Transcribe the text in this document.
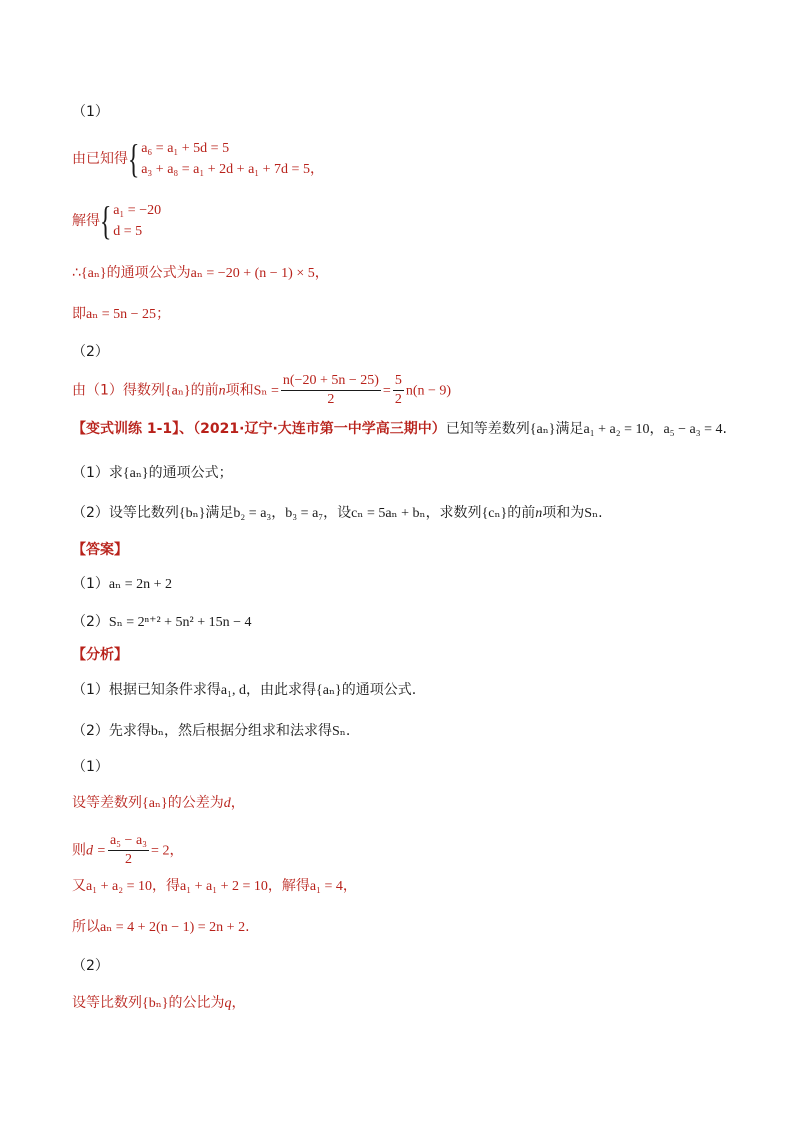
（1）
由已知得 { a₆ = a₁ + 5d = 5
a₃ + a₈ = a₁ + 2d + a₁ + 7d = 5，
解得 { a₁ = −20
d = 5
∴{aₙ}的通项公式为aₙ = −20 + (n − 1) × 5，
即aₙ = 5n − 25；
（2）
由（1）得数列{aₙ}的前n项和$S_n = \frac{n(-20 + 5n - 25)}{2} = \frac{5}{2} n(n - 9)$
【变式训练 1-1】、（2021·辽宁·大连市第一中学高三期中）已知等差数列{aₙ}满足a₁ + a₂ = 10，a₅ − a₃ = 4.
（1）求{aₙ}的通项公式；
（2）设等比数列{bₙ}满足b₂ = a₃，b₃ = a₇，设cₙ = 5aₙ + bₙ，求数列{cₙ}的前n项和为Sₙ.
【答案】
（1）aₙ = 2n + 2
（2）Sₙ = 2ⁿ⁺² + 5n² + 15n − 4
【分析】
（1）根据已知条件求得a₁, d，由此求得{aₙ}的通项公式.
（2）先求得bₙ，然后根据分组求和法求得Sₙ.
（1）
设等差数列{aₙ}的公差为d，
则$d = \frac{\text{a₅ − a₃}}{2} = 2$，
又a₁ + a₂ = 10，得a₁ + a₁ + 2 = 10，解得a₁ = 4，
所以aₙ = 4 + 2(n − 1) = 2n + 2.
（2）
设等比数列{bₙ}的公比为q，
